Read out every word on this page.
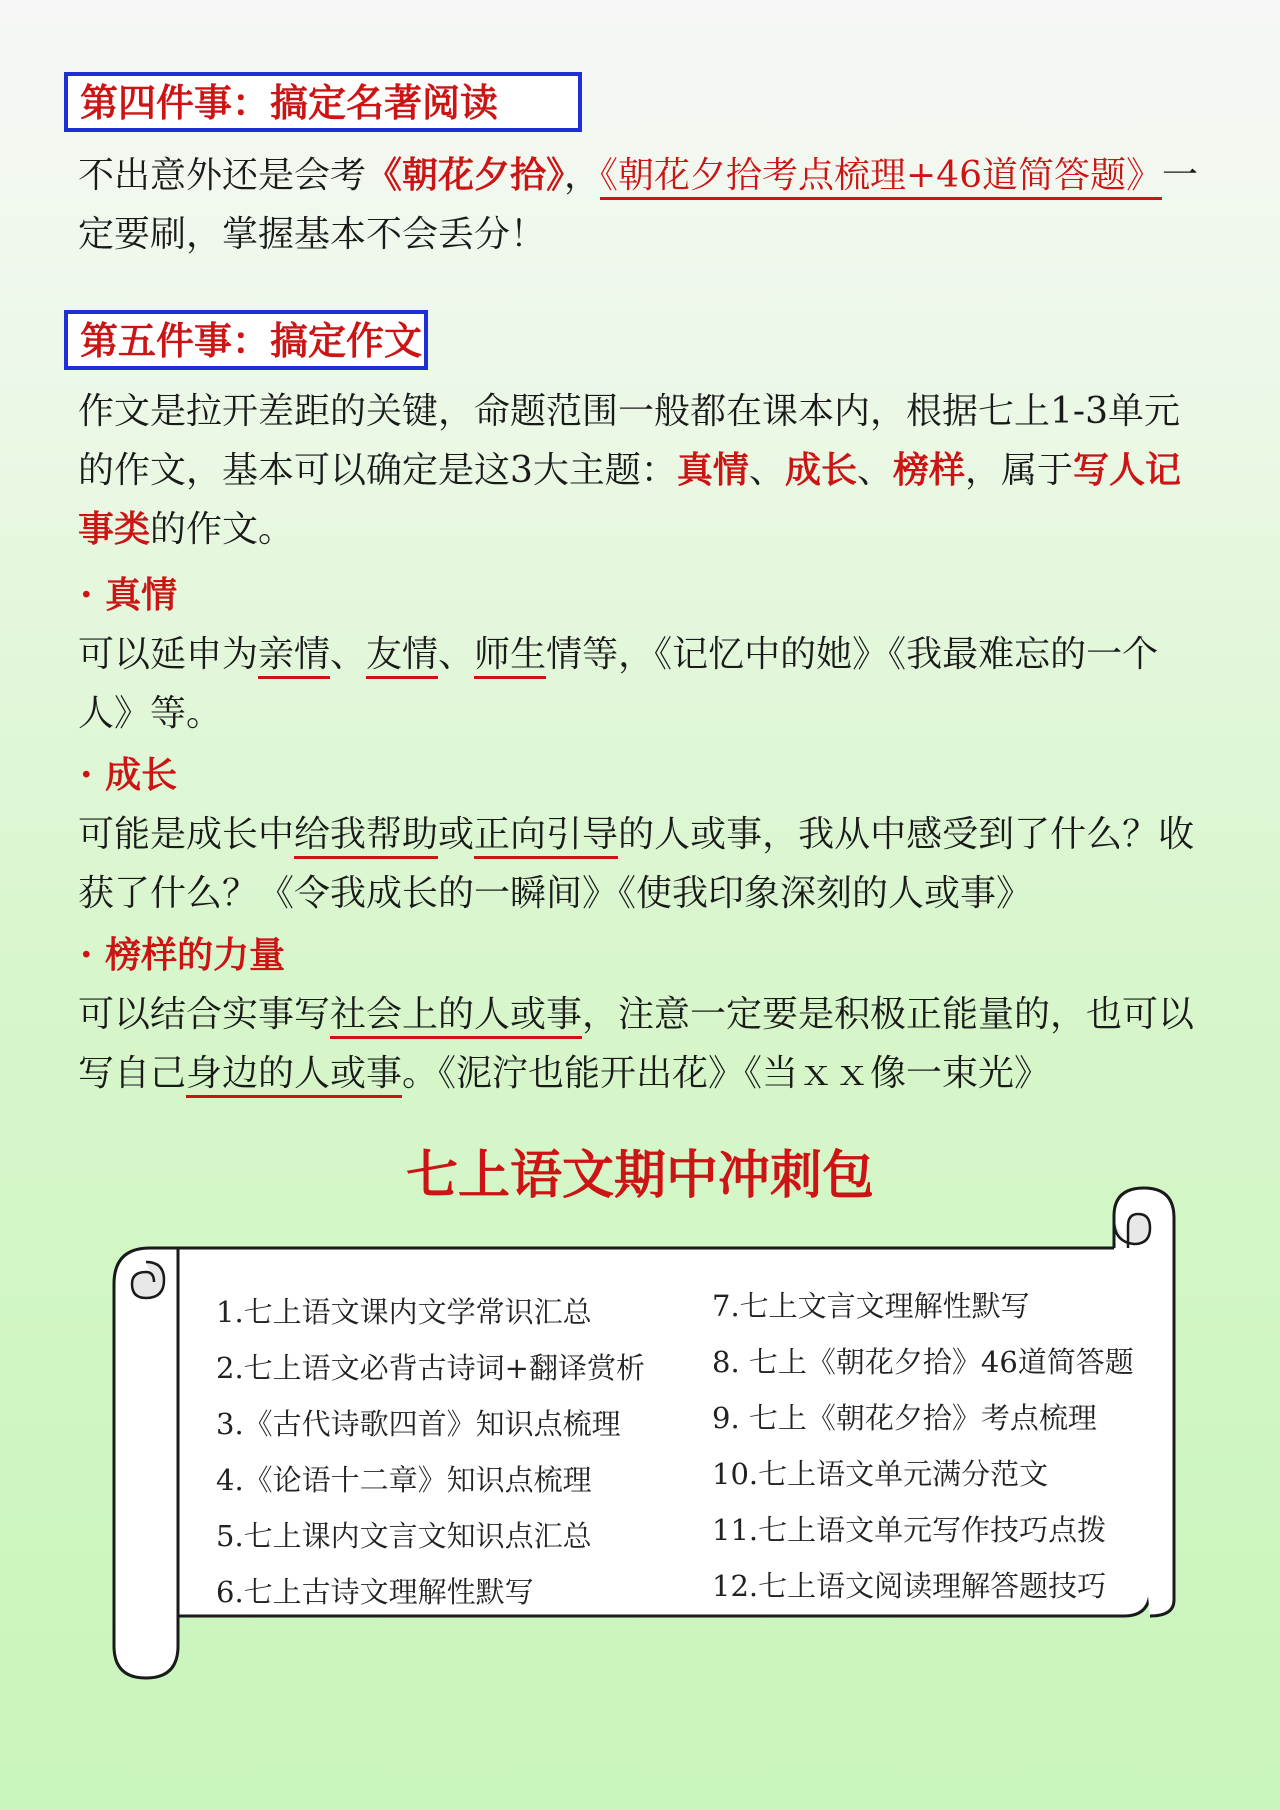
第四件事：搞定名著阅读

不出意外还是会考《朝花夕拾》，《朝花夕拾考点梳理+46道简答题》一定要刷，掌握基本不会丢分！

第五件事：搞定作文

作文是拉开差距的关键，命题范围一般都在课本内，根据七上1-3单元的作文，基本可以确定是这3大主题：真情、成长、榜样，属于写人记事类的作文。

· 真情

可以延申为亲情、友情、师生情等，《记忆中的她》《我最难忘的一个人》等。

· 成长

可能是成长中给我帮助或正向引导的人或事，我从中感受到了什么？收获了什么？《令我成长的一瞬间》《使我印象深刻的人或事》

· 榜样的力量

可以结合实事写社会上的人或事，注意一定要是积极正能量的，也可以写自己身边的人或事。《泥泞也能开出花》《当ｘｘ像一束光》

七上语文期中冲刺包
1.七上语文课内文学常识汇总
2.七上语文必背古诗词+翻译赏析
3.《古代诗歌四首》知识点梳理
4.《论语十二章》知识点梳理
5.七上课内文言文知识点汇总
6.七上古诗文理解性默写
7.七上文言文理解性默写
8. 七上《朝花夕拾》46道简答题
9. 七上《朝花夕拾》考点梳理
10.七上语文单元满分范文
11.七上语文单元写作技巧点拨
12.七上语文阅读理解答题技巧
